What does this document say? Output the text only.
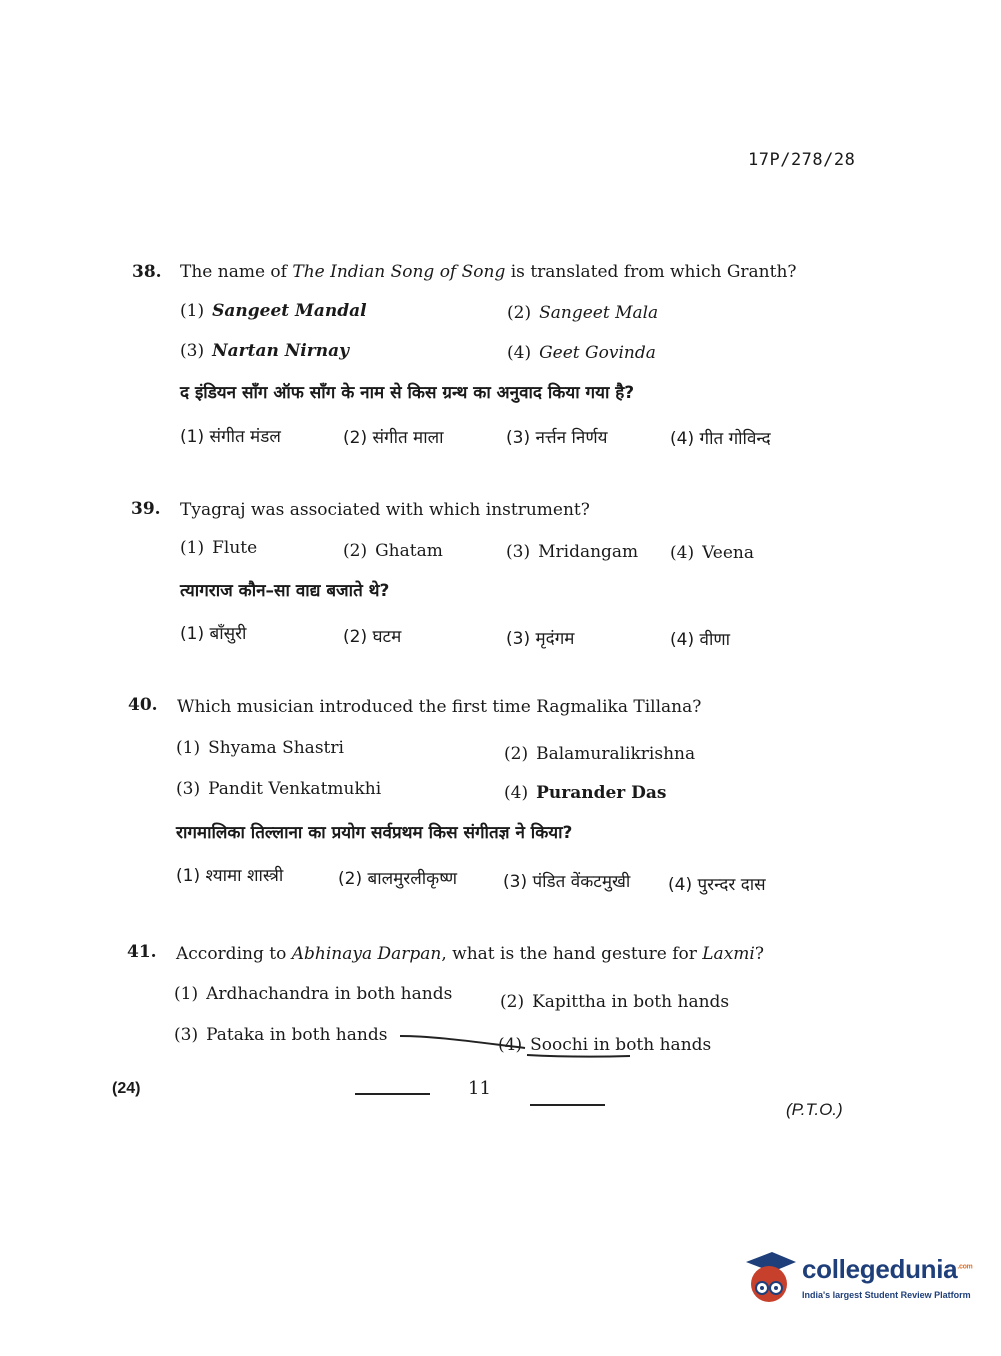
17P/278/28
38. The name of The Indian Song of Song is translated from which Granth?
(1) Sangeet Mandal	(2) Sangeet Mala
(3) Nartan Nirnay	(4) Geet Govinda
द इंडियन सॉंग ऑफ सॉंग के नाम से किस ग्रन्थ का अनुवाद किया गया है?
(1) संगीत मंडल	(2) संगीत माला	(3) नर्त्तन निर्णय	(4) गीत गोविन्द
39. Tyagraj was associated with which instrument?
(1) Flute	(2) Ghatam	(3) Mridangam (4) Veena
त्यागराज कौन–सा वाद्य बजाते थे?
(1) बाँसुरी	(2) घटम	(3) मृदंगम	(4) वीणा
40. Which musician introduced the first time Ragmalika Tillana?
(1) Shyama Shastri	(2) Balamuralikrishna
(3) Pandit Venkatmukhi	(4) Purander Das
रागमालिका तिल्लाना का प्रयोग सर्वप्रथम किस संगीतज्ञ ने किया?
(1) श्यामा शास्त्री	(2) बालमुरलीकृष्ण	(3) पंडित वेंकटमुखी (4) पुरन्दर दास
41. According to Abhinaya Darpan, what is the hand gesture for Laxmi?
(1) Ardhachandra in both hands	(2) Kapittha in both hands
(3) Pataka in both hands	(4) Soochi in both hands
(24)	11
(P.T.O.)
collegedunia$^{.com}$
India's largest Student Review Platform
